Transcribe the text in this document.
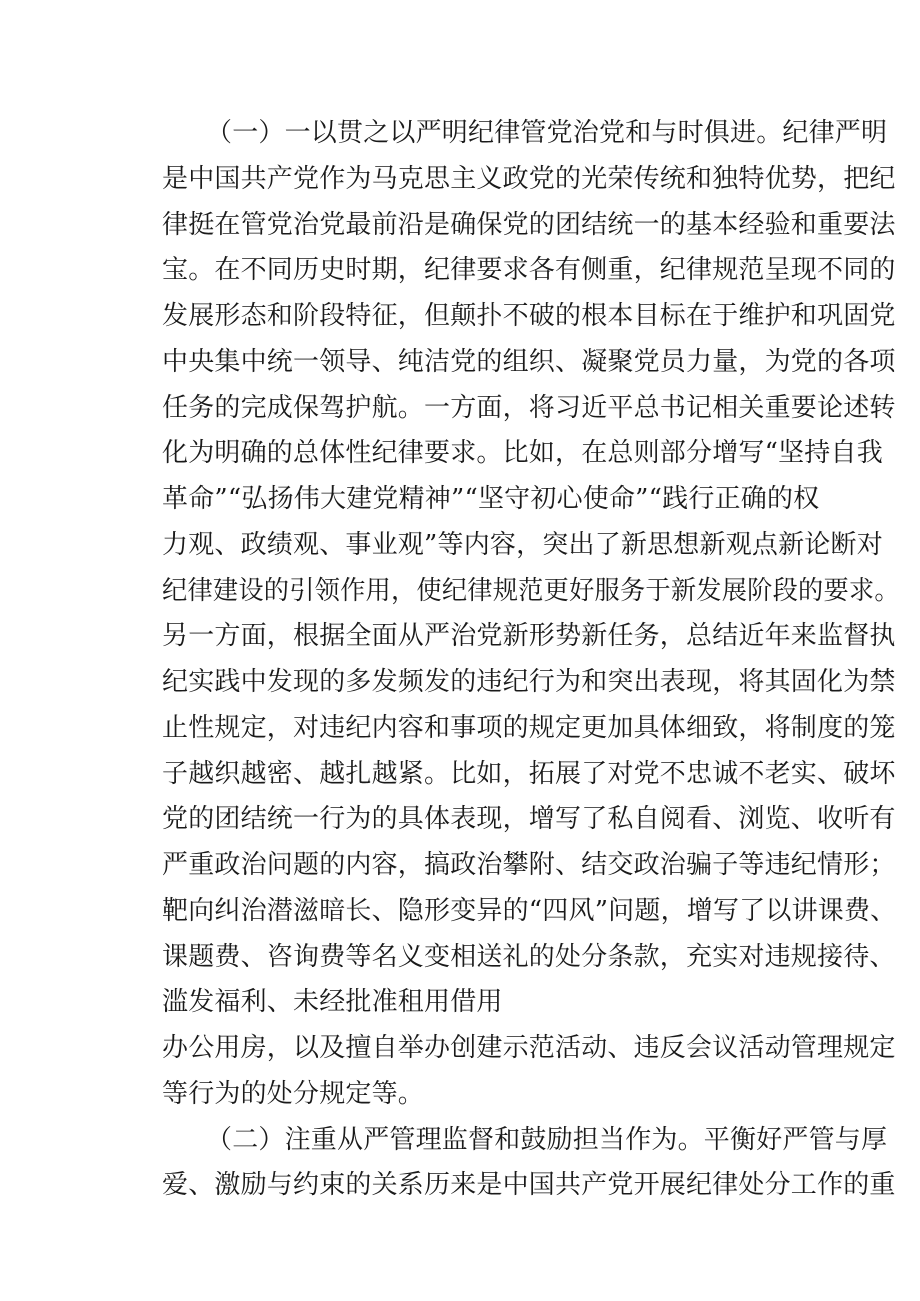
（一）一以贯之以严明纪律管党治党和与时俱进。纪律严明
是中国共产党作为马克思主义政党的光荣传统和独特优势，把纪
律挺在管党治党最前沿是确保党的团结统一的基本经验和重要法
宝。在不同历史时期，纪律要求各有侧重，纪律规范呈现不同的
发展形态和阶段特征，但颠扑不破的根本目标在于维护和巩固党
中央集中统一领导、纯洁党的组织、凝聚党员力量，为党的各项
任务的完成保驾护航。一方面，将习近平总书记相关重要论述转
化为明确的总体性纪律要求。比如，在总则部分增写“坚持自我
革命”“弘扬伟大建党精神”“坚守初心使命”“践行正确的权
力观、政绩观、事业观”等内容，突出了新思想新观点新论断对
纪律建设的引领作用，使纪律规范更好服务于新发展阶段的要求。
另一方面，根据全面从严治党新形势新任务，总结近年来监督执
纪实践中发现的多发频发的违纪行为和突出表现，将其固化为禁
止性规定，对违纪内容和事项的规定更加具体细致，将制度的笼
子越织越密、越扎越紧。比如，拓展了对党不忠诚不老实、破坏
党的团结统一行为的具体表现，增写了私自阅看、浏览、收听有
严重政治问题的内容，搞政治攀附、结交政治骗子等违纪情形；
靶向纠治潜滋暗长、隐形变异的“四风”问题，增写了以讲课费、
课题费、咨询费等名义变相送礼的处分条款，充实对违规接待、
滥发福利、未经批准租用借用
办公用房，以及擅自举办创建示范活动、违反会议活动管理规定
等行为的处分规定等。
（二）注重从严管理监督和鼓励担当作为。平衡好严管与厚
爱、激励与约束的关系历来是中国共产党开展纪律处分工作的重
